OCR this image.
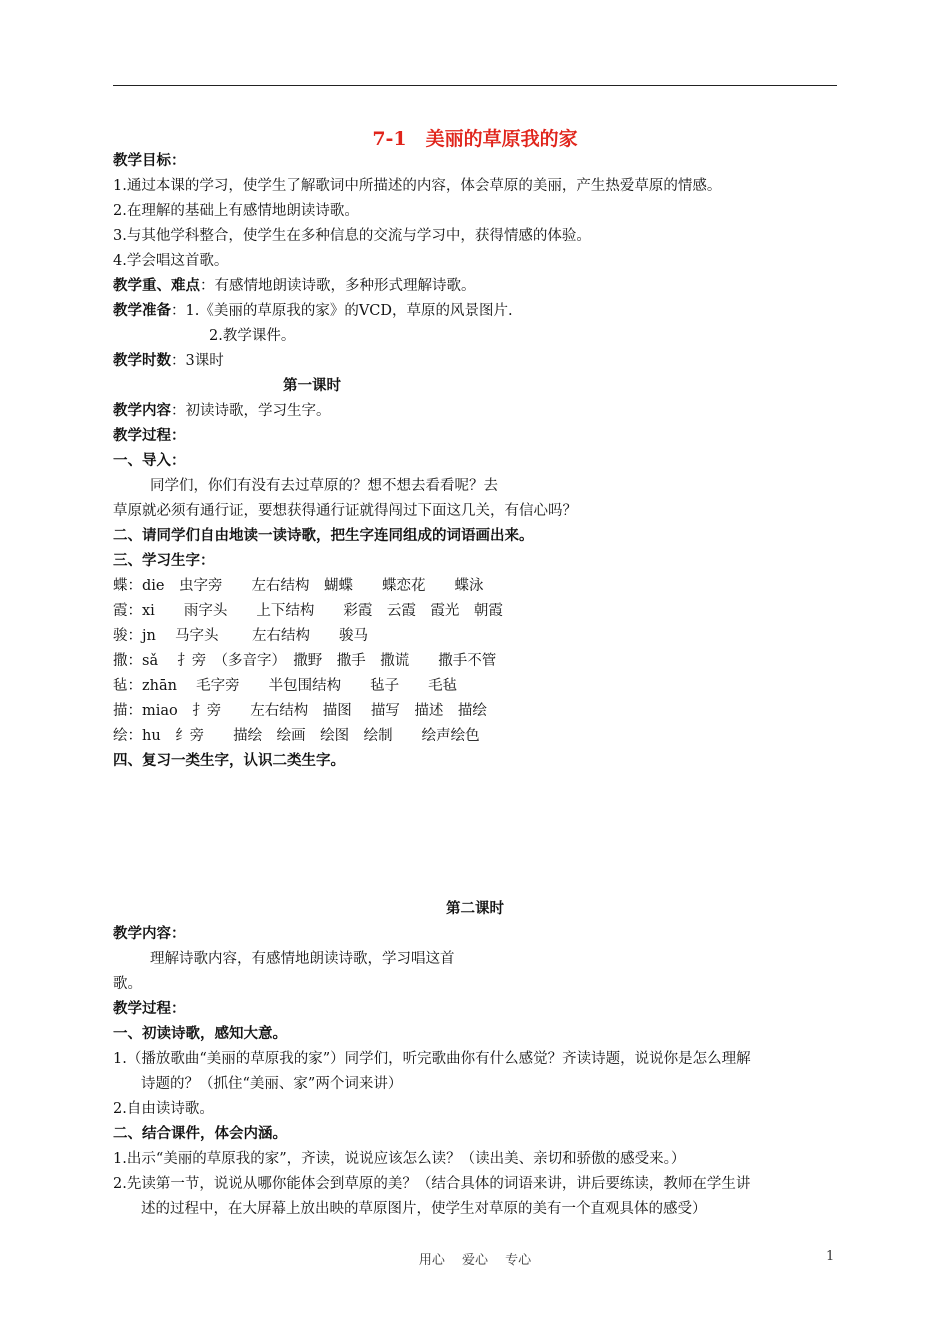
7-1　美丽的草原我的家
教学目标：
1.通过本课的学习，使学生了解歌词中所描述的内容，体会草原的美丽，产生热爱草原的情感。
2.在理解的基础上有感情地朗读诗歌。
3.与其他学科整合，使学生在多种信息的交流与学习中，获得情感的体验。
4.学会唱这首歌。
教学重、难点：有感情地朗读诗歌，多种形式理解诗歌。
教学准备：1.《美丽的草原我的家》的VCD，草原的风景图片.
2.教学课件。
教学时数：3课时
第一课时
教学内容：初读诗歌，学习生字。
教学过程：
一、导入：
同学们，你们有没有去过草原的？想不想去看看呢？去
草原就必须有通行证，要想获得通行证就得闯过下面这几关，有信心吗？
二、请同学们自由地读一读诗歌，把生字连同组成的词语画出来。
三、学习生字：
蝶：die　虫字旁　　左右结构　蝴蝶　　蝶恋花　　蝶泳
霞：xi　　雨字头　　上下结构　　彩霞　云霞　霞光　朝霞
骏：jn　 马字头　　 左右结构　　骏马
撒：sǎ　 扌旁　（多音字）　撒野　撒手　撒谎　　撒手不管
毡：zhān　 毛字旁　　半包围结构　　毡子　　毛毡
描：miao　扌旁　　左右结构　描图　 描写　描述　描绘
绘：hu　纟旁　　描绘　绘画　绘图　绘制　　绘声绘色
四、复习一类生字，认识二类生字。
第二课时
教学内容：
理解诗歌内容，有感情地朗读诗歌，学习唱这首
歌。
教学过程：
一、初读诗歌，感知大意。
1.（播放歌曲“美丽的草原我的家”）同学们，听完歌曲你有什么感觉？齐读诗题，说说你是怎么理解
诗题的？（抓住“美丽、家”两个词来讲）
2.自由读诗歌。
二、结合课件，体会内涵。
1.出示“美丽的草原我的家”，齐读，说说应该怎么读？（读出美、亲切和骄傲的感受来。）
2.先读第一节，说说从哪你能体会到草原的美？（结合具体的词语来讲，讲后要练读，教师在学生讲
述的过程中，在大屏幕上放出映的草原图片，使学生对草原的美有一个直观具体的感受）
用心　 爱心　 专心	1
